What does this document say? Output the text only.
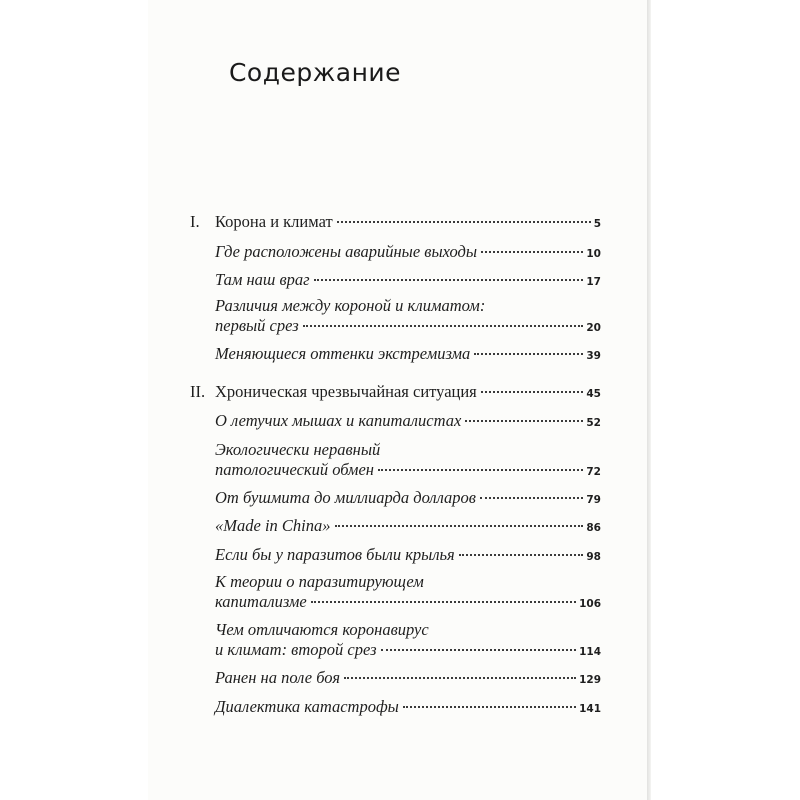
Содержание
I. Корона и климат	5
Где расположены аварийные выходы	10
Там наш враг	17
Различия между короной и климатом:
первый срез	20
Меняющиеся оттенки экстремизма	39
II. Хроническая чрезвычайная ситуация	45
О летучих мышах и капиталистах	52
Экологически неравный
патологический обмен	72
От бушмита до миллиарда долларов	79
«Made in China»	86
Если бы у паразитов были крылья	98
К теории о паразитирующем
капитализме	106
Чем отличаются коронавирус
и климат: второй срез	114
Ранен на поле боя	129
Диалектика катастрофы	141
